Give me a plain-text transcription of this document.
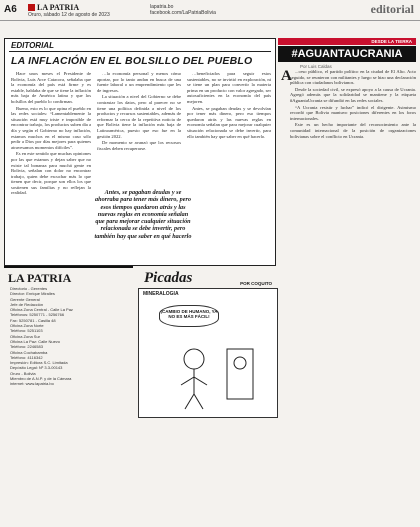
A6	LA PATRIA
Oruro, sábado 12 de agosto de 2023
lapatria.bo
facebook.com/LaPatriaBolivia	editorial
EDITORIAL
LA INFLACIÓN EN EL BOLSILLO DEL PUEBLO

Hace unos meses el Presidente de Bolivia, Luis Arce Catacora, señalaba que la economía del país está firme y es estable, hablaba de que se tiene la inflación más baja de América latina y que los bolsillos del pueblo lo confirman.

Bueno, esto es lo que opina el pueblo en las redes sociales: “Lamentablemente la situación está muy triste e imposible de encontrar trabajo, los productos suben día a día y según el Gobierno no hay inflación, estamos muchos en el mismo caso sólo pedir a Dios por días mejores para quienes atravesamos momentos difíciles”.

Es en este sentido que muchas opiniones por las que estamos y dejan saber que no existe tal bonanza para muchá gente en Bolivia, señalan con dolor no encontrar trabajo, quien debe escuchar más lo que tienen que decir, porque son ellos los que sostienen sus familias y no reflejan la realidad.

…la economía personal y menos cómo aportar, por lo tanto andan en busca de una fuente laboral o un emprendimiento que les de ingresos.

La situación a nivel del Gobierno se debe contrastar los datos, pero al parecer no se tiene una política definida a nivel de los productos y recursos sustentables, además de reformar la cerca de la repetitiva noticia de que Bolivia tiene la inflación más baja de Latinoamérica, puesto que eso fue en la gestión 2022.

De momento se avanzó que los recursos fiscales deben recuperarse.

…beneficiados para seguir estos sustentables, no se invirtió en exploración, ni se tiene un plan para convertir la materia prima en un producto con valor agregado, ser autosuficientes en la economía del país mejoren.

Antes, se pagaban deudas y se devolvían por tener más dinero, pero eso tiempos quedaron atrás y las nuevas reglas en economía señalan que para mejorar cualquier situación relacionada se debe invertir, para ello también hay que saber en qué hacerlo.

Antes, se pagaban deudas y se ahorraba para tener más dinero, pero esos tiempos quedaron atrás y las nuevas reglas en economía señalan que para mejorar cualquier situación relacionada se debe invertir, pero también hay que saber en qué hacerlo
DESDE LA TIERRA
#AGUANTAUCRANIA
Por Luis Caldas
A ...ceso público, el partido político en la ciudad de El Alto. Acto seguido, se reunieron con militantes y luego se hizo una declaración pública con ciudadanos bolivianos.

Desde la sociedad civil, se expresó apoyo a la causa de Ucrania. Agregó además que la solidaridad se mantiene y la etiqueta #AguantaUcrania se difundió en las redes sociales.

“A Ucrania resistir y luchar” indicó el dirigente. Asimismo recordó que Bolivia mantuvo posiciones diferentes en los foros internacionales.

Este es un hecho importante del reconocimiento ante la comunidad internacional de la posición de organizaciones bolivianas sobre el conflicto en Ucrania.

LA PATRIA
Directorio - Gerentes
Director: Enrique Miralles
Gerente General
Jefe de Redacción
Oficina Zona Central - Calle La Paz
Teléfonos: 5250771 - 5256766
Fax: 5250781 - Casilla 48
Oficina Zona Norte
Teléfono: 5251103
Oficina Zona Sur
Oficina La Paz: Calle Nuevo
Teléfono: 2246583
Oficina Cochabamba
Teléfono: 4116342
Impresión: Editora S.C. Limitada
Depósito Legal: Nº 3.3-00143
Oruro - Bolivia
Miembro de A.N.P. y de la Cámara
internet: www.lapatria.bo
Picadas	POR COQUITO
MINERALOGIA
¡CAMBIO DE HUMANO, YA NO ES MÁS FÁCIL!
